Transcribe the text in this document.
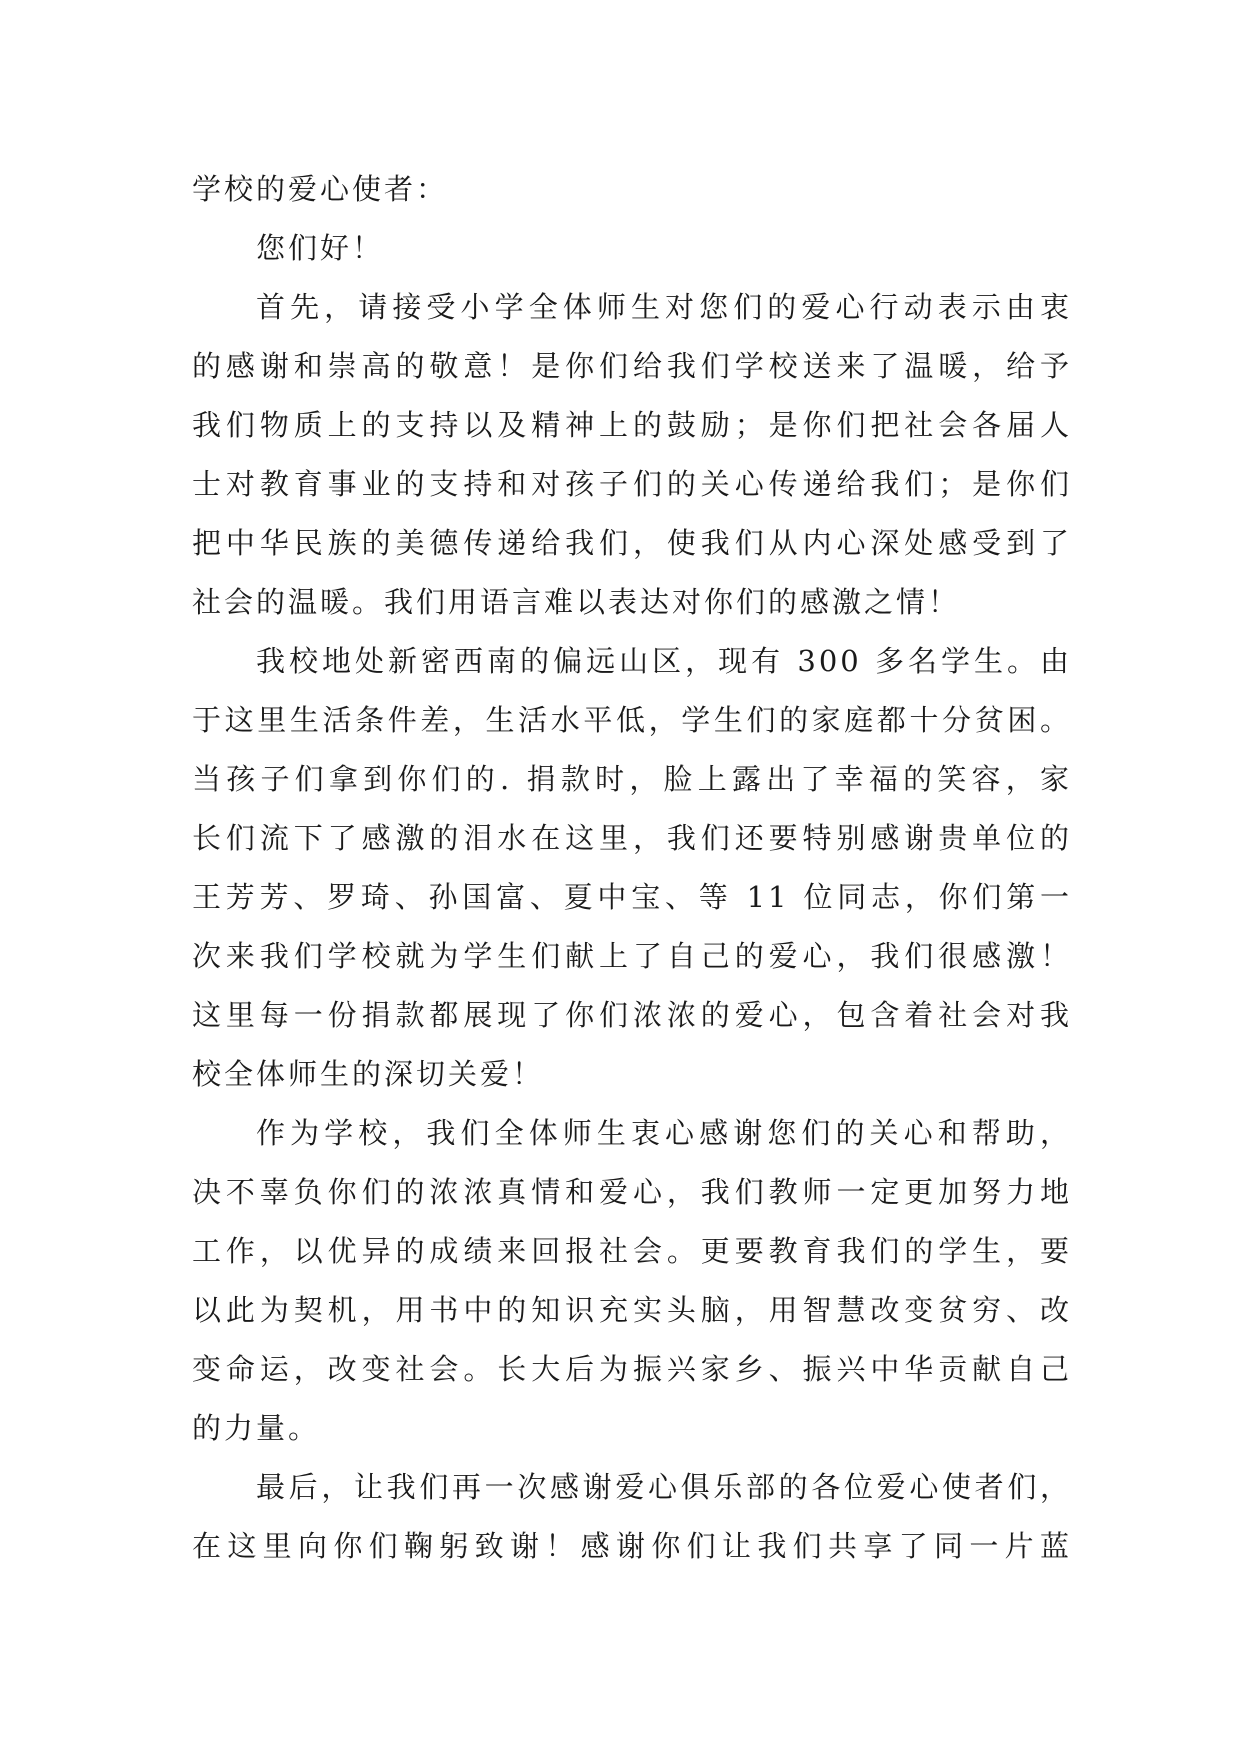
学校的爱心使者：
您们好！
首先，请接受小学全体师生对您们的爱心行动表示由衷
的感谢和崇高的敬意！是你们给我们学校送来了温暖，给予
我们物质上的支持以及精神上的鼓励；是你们把社会各届人
士对教育事业的支持和对孩子们的关心传递给我们；是你们
把中华民族的美德传递给我们，使我们从内心深处感受到了
社会的温暖。我们用语言难以表达对你们的感激之情！
我校地处新密西南的偏远山区，现有 300 多名学生。由
于这里生活条件差，生活水平低，学生们的家庭都十分贫困。
当孩子们拿到你们的. 捐款时，脸上露出了幸福的笑容，家
长们流下了感激的泪水在这里，我们还要特别感谢贵单位的
王芳芳、罗琦、孙国富、夏中宝、等 11 位同志，你们第一
次来我们学校就为学生们献上了自己的爱心，我们很感激！
这里每一份捐款都展现了你们浓浓的爱心，包含着社会对我
校全体师生的深切关爱！
作为学校，我们全体师生衷心感谢您们的关心和帮助，
决不辜负你们的浓浓真情和爱心，我们教师一定更加努力地
工作，以优异的成绩来回报社会。更要教育我们的学生，要
以此为契机，用书中的知识充实头脑，用智慧改变贫穷、改
变命运，改变社会。长大后为振兴家乡、振兴中华贡献自己
的力量。
最后，让我们再一次感谢爱心俱乐部的各位爱心使者们，
在这里向你们鞠躬致谢！感谢你们让我们共享了同一片蓝
